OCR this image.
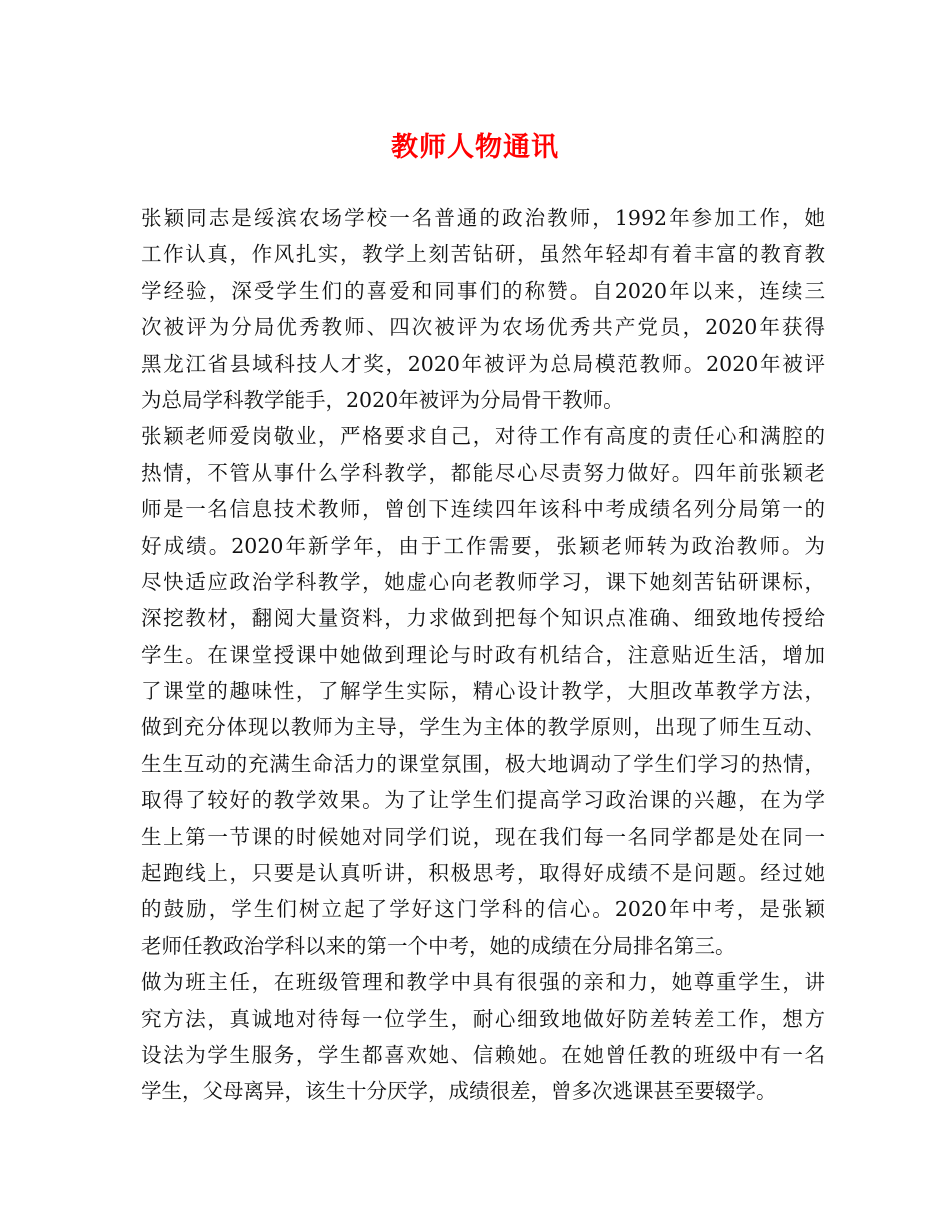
教师人物通讯
张颖同志是绥滨农场学校一名普通的政治教师，1992年参加工作，她
工作认真，作风扎实，教学上刻苦钻研，虽然年轻却有着丰富的教育教
学经验，深受学生们的喜爱和同事们的称赞。自2020年以来，连续三
次被评为分局优秀教师、四次被评为农场优秀共产党员，2020年获得
黑龙江省县域科技人才奖，2020年被评为总局模范教师。2020年被评
为总局学科教学能手，2020年被评为分局骨干教师。
张颖老师爱岗敬业，严格要求自己，对待工作有高度的责任心和满腔的
热情，不管从事什么学科教学，都能尽心尽责努力做好。四年前张颖老
师是一名信息技术教师，曾创下连续四年该科中考成绩名列分局第一的
好成绩。2020年新学年，由于工作需要，张颖老师转为政治教师。为
尽快适应政治学科教学，她虚心向老教师学习，课下她刻苦钻研课标，
深挖教材，翻阅大量资料，力求做到把每个知识点准确、细致地传授给
学生。在课堂授课中她做到理论与时政有机结合，注意贴近生活，增加
了课堂的趣味性，了解学生实际，精心设计教学，大胆改革教学方法，
做到充分体现以教师为主导，学生为主体的教学原则，出现了师生互动、
生生互动的充满生命活力的课堂氛围，极大地调动了学生们学习的热情，
取得了较好的教学效果。为了让学生们提高学习政治课的兴趣，在为学
生上第一节课的时候她对同学们说，现在我们每一名同学都是处在同一
起跑线上，只要是认真听讲，积极思考，取得好成绩不是问题。经过她
的鼓励，学生们树立起了学好这门学科的信心。2020年中考，是张颖
老师任教政治学科以来的第一个中考，她的成绩在分局排名第三。
做为班主任，在班级管理和教学中具有很强的亲和力，她尊重学生，讲
究方法，真诚地对待每一位学生，耐心细致地做好防差转差工作，想方
设法为学生服务，学生都喜欢她、信赖她。在她曾任教的班级中有一名
学生，父母离异，该生十分厌学，成绩很差，曾多次逃课甚至要辍学。
